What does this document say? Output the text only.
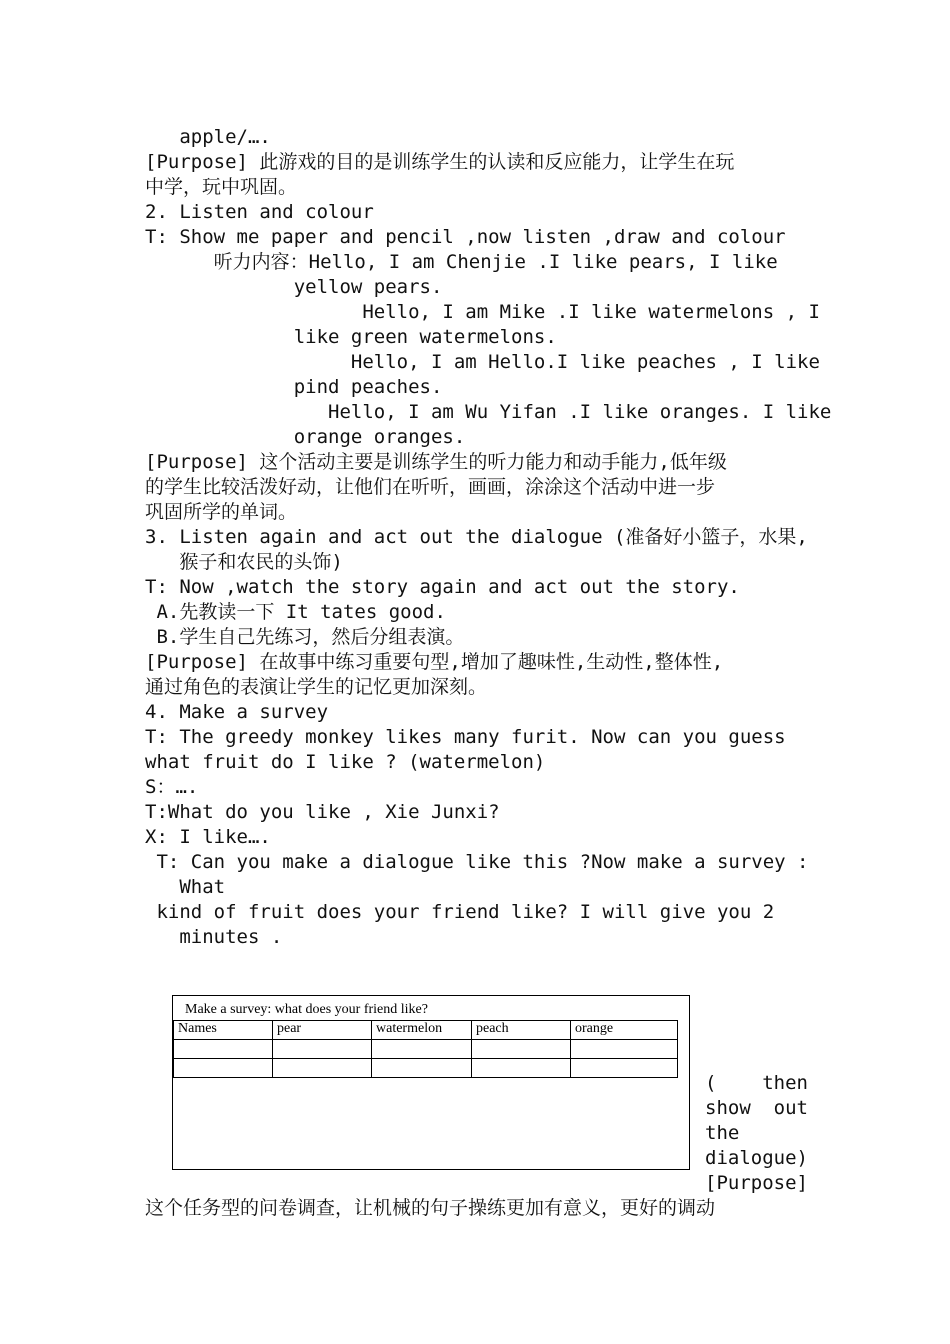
apple/….
[Purpose] 此游戏的目的是训练学生的认读和反应能力，让学生在玩
中学，玩中巩固。
2. Listen and colour
T: Show me paper and pencil ,now listen ,draw and colour
听力内容：Hello, I am Chenjie .I like pears, I like
yellow pears.
Hello, I am Mike .I like watermelons , I
like green watermelons.
Hello, I am Hello.I like peaches , I like
pind peaches.
Hello, I am Wu Yifan .I like oranges. I like
orange oranges.
[Purpose] 这个活动主要是训练学生的听力能力和动手能力,低年级
的学生比较活泼好动，让他们在听听，画画，涂涂这个活动中进一步
巩固所学的单词。
3. Listen again and act out the dialogue (准备好小篮子，水果,
猴子和农民的头饰)
T: Now ,watch the story again and act out the story.
A.先教读一下 It tates good.
B.学生自己先练习，然后分组表演。
[Purpose] 在故事中练习重要句型,增加了趣味性,生动性,整体性,
通过角色的表演让学生的记忆更加深刻。
4. Make a survey
T: The greedy monkey likes many furit. Now can you guess
what fruit do I like ? (watermelon)
S：….
T:What do you like , Xie Junxi?
X: I like….
T: Can you make a dialogue like this ?Now make a survey :
What
kind of fruit does your friend like? I will give you 2
minutes .
Make a survey: what does your friend like?
Names	pear	watermelon	peach	orange

(    then
show  out
the
dialogue)
[Purpose]
这个任务型的问卷调查，让机械的句子操练更加有意义，更好的调动
